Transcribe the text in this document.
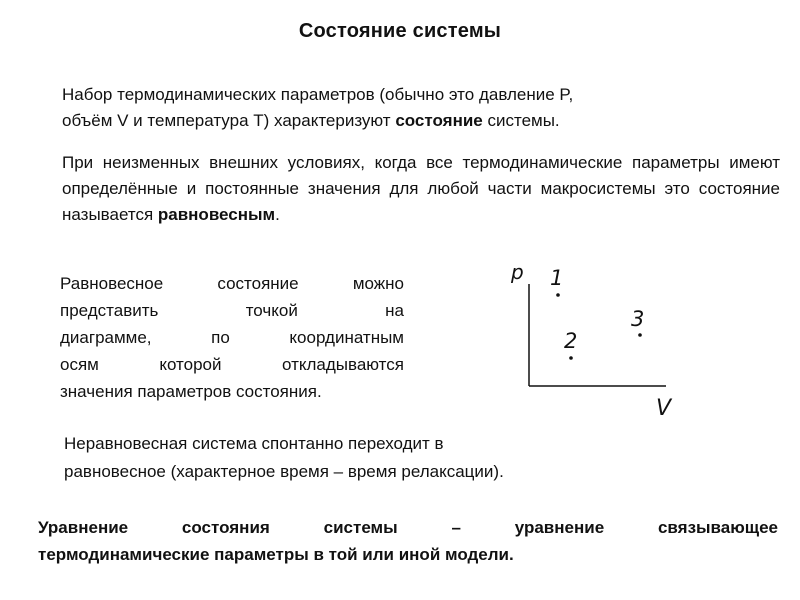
Состояние системы
Набор термодинамических параметров (обычно это давление P,
объём V и температура T) характеризуют состояние системы.
При неизменных внешних условиях, когда все термодинамические параметры имеют определённые и постоянные значения для любой части макросистемы это состояние называется равновесным.
Равновесное состояние можно
представить точкой на
диаграмме, по координатным
осям которой откладываются
значения параметров состояния.
p
V
1
2
3
Неравновесная система спонтанно переходит в
равновесное (характерное время – время релаксации).
Уравнение состояния системы – уравнение связывающее
термодинамические параметры в той или иной модели.
